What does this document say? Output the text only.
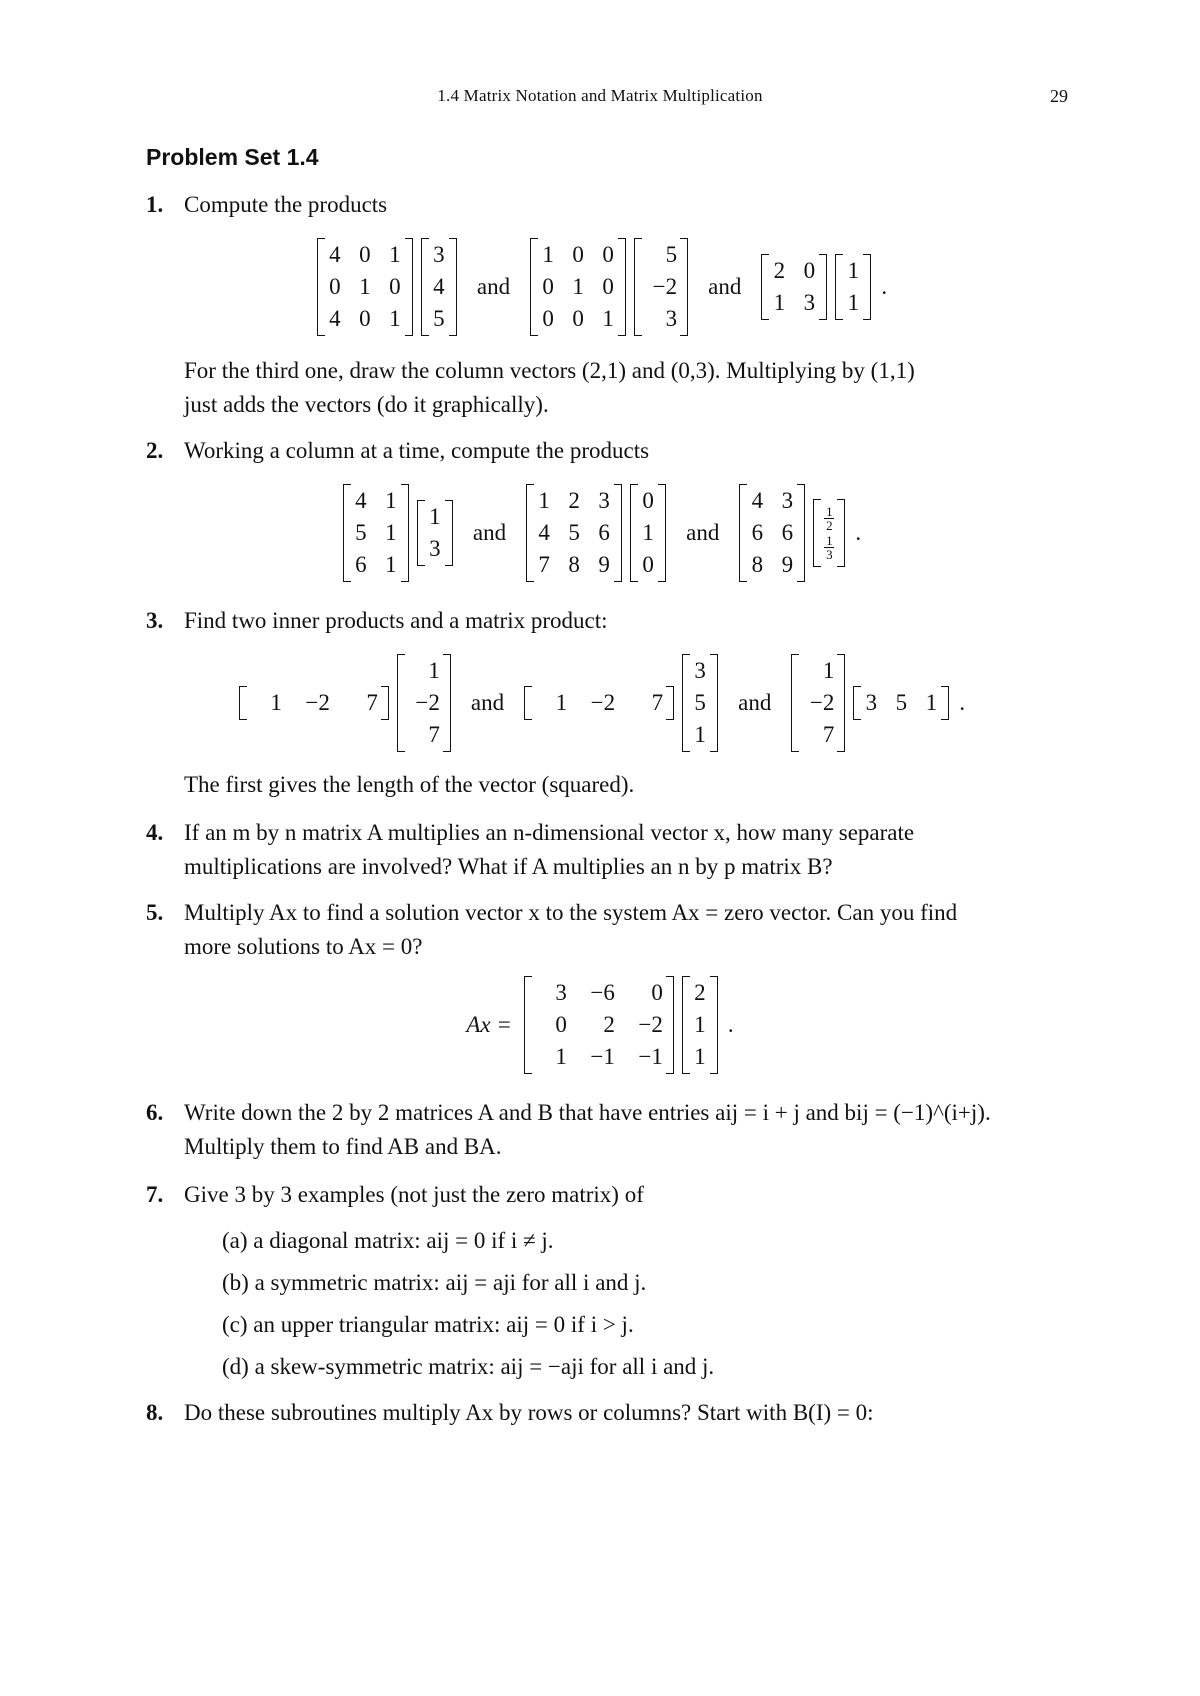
1.4 Matrix Notation and Matrix Multiplication	29
Problem Set 1.4
1. Compute the products
4 0 1
0 1 0
4 0 1
3
4
5
and
1 0 0
0 1 0
0 0 1
5
−2
3
and
2 0
1 3
1
1
.
For the third one, draw the column vectors (2,1) and (0,3). Multiplying by (1,1)
just adds the vectors (do it graphically).
2. Working a column at a time, compute the products
4 1
5 1
6 1
1
3
and
1 2 3
4 5 6
7 8 9
0
1
0
and
4 3
6 6
8 9
$\frac{1}{2}$
$\frac{1}{3}$
.
3. Find two inner products and a matrix product:
1	−2	7
1
−2
7
and	1	−2	7
3
5
1
and
1
−2
7
3 5 1 .
The first gives the length of the vector (squared).
4. If an m by n matrix A multiplies an n-dimensional vector x, how many separate
multiplications are involved? What if A multiplies an n by p matrix B?
5. Multiply Ax to find a solution vector x to the system Ax = zero vector. Can you find
more solutions to Ax = 0?
Ax =
3	−6	0
0	2	−2
1	−1	−1
2
1
1
.
6. Write down the 2 by 2 matrices A and B that have entries aij = i + j and bij = (−1)^(i+j).
Multiply them to find AB and BA.
7. Give 3 by 3 examples (not just the zero matrix) of
(a) a diagonal matrix: aij = 0 if i ≠ j.
(b) a symmetric matrix: aij = aji for all i and j.
(c) an upper triangular matrix: aij = 0 if i > j.
(d) a skew-symmetric matrix: aij = −aji for all i and j.
8. Do these subroutines multiply Ax by rows or columns? Start with B(I) = 0:
